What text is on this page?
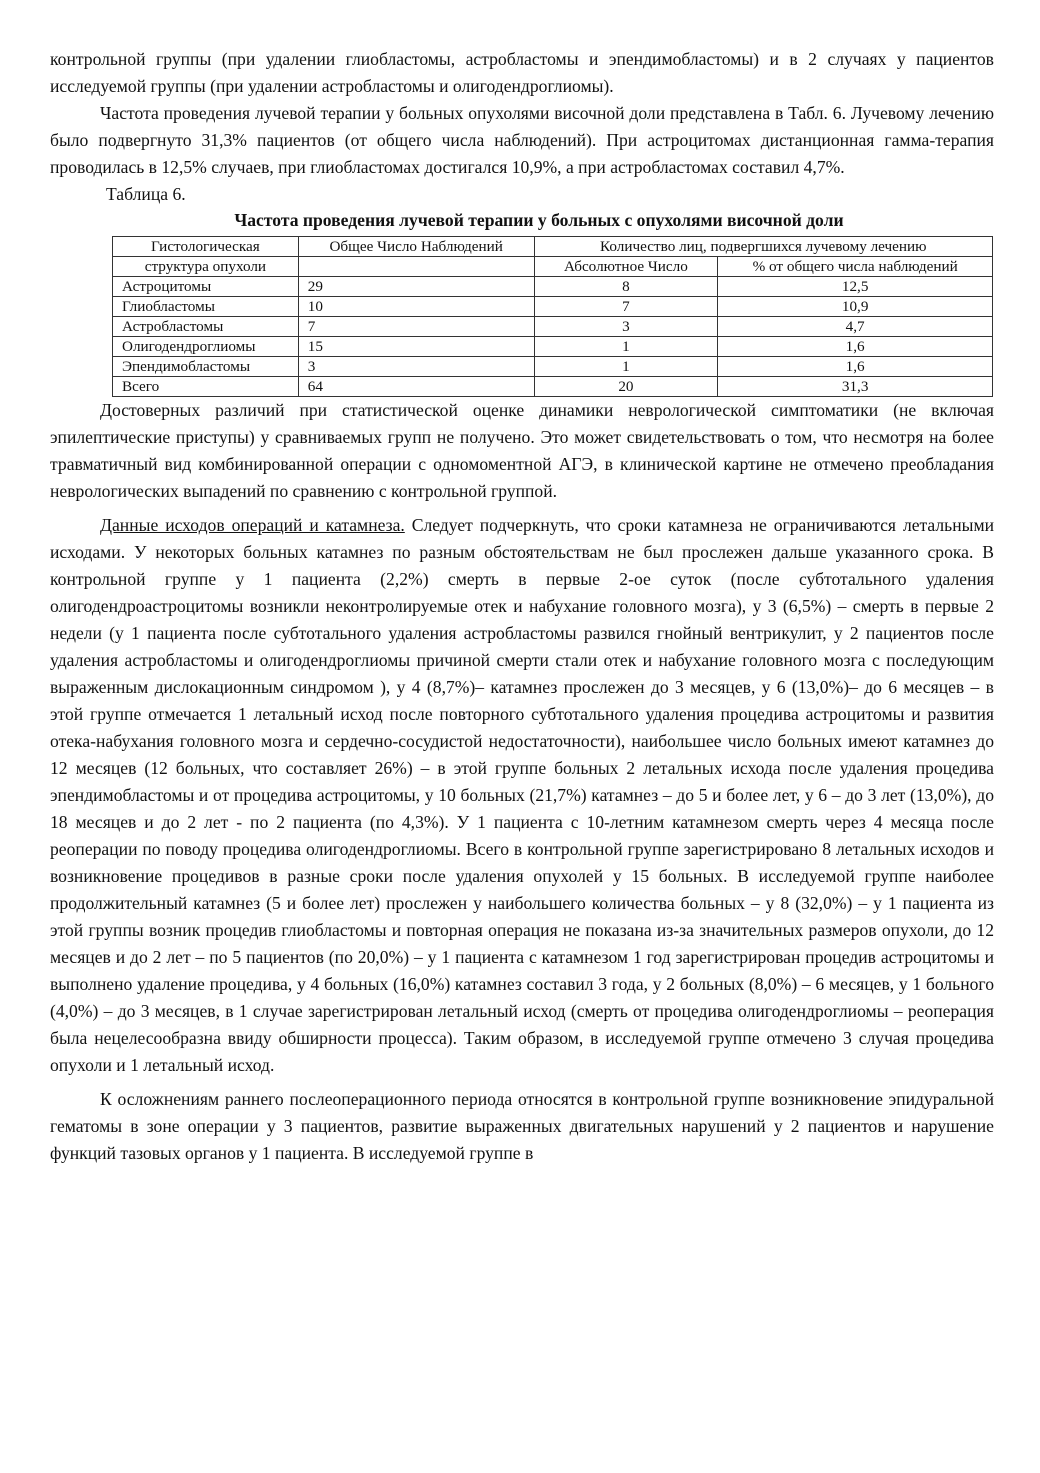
контрольной группы (при удалении глиобластомы, астробластомы и эпендимобластомы) и в 2 случаях у пациентов исследуемой группы (при удалении астробластомы и олигодендроглиомы).

Частота проведения лучевой терапии у больных опухолями височной доли представлена в Табл. 6. Лучевому лечению было подвергнуто 31,3% пациентов (от общего числа наблюдений). При астроцитомах дистанционная гамма-терапия проводилась в 12,5% случаев, при глиобластомах достигался 10,9%, а при астробластомах составил 4,7%.

Таблица 6.

Частота проведения лучевой терапии у больных с опухолями височной доли
Гистологическая	Общее Число Наблюдений	Количество лиц, подвергшихся лучевому лечению	
структура опухоли		Абсолютное Число	% от общего числа наблюдений
Астроцитомы	29	8	12,5
Глиобластомы	10	7	10,9
Астробластомы	7	3	4,7
Олигодендроглиомы	15	1	1,6
Эпендимобластомы	3	1	1,6
Всего	64	20	31,3

Достоверных различий при статистической оценке динамики неврологической симптоматики (не включая эпилептические приступы) у сравниваемых групп не получено. Это может свидетельствовать о том, что несмотря на более травматичный вид комбинированной операции с одномоментной АГЭ, в клинической картине не отмечено преобладания неврологических выпадений по сравнению с контрольной группой.

Данные исходов операций и катамнеза. Следует подчеркнуть, что сроки катамнеза не ограничиваются летальными исходами. У некоторых больных катамнез по разным обстоятельствам не был прослежен дальше указанного срока. В контрольной группе у 1 пациента (2,2%) смерть в первые 2-ое суток (после субтотального удаления олигодендроастроцитомы возникли неконтролируемые отек и набухание головного мозга), у 3 (6,5%) – смерть в первые 2 недели (у 1 пациента после субтотального удаления астробластомы развился гнойный вентрикулит, у 2 пациентов после удаления астробластомы и олигодендроглиомы причиной смерти стали отек и набухание головного мозга с последующим выраженным дислокационным синдромом ), у 4 (8,7%)– катамнез прослежен до 3 месяцев, у 6 (13,0%)– до 6 месяцев – в этой группе отмечается 1 летальный исход после повторного субтотального удаления процедива астроцитомы и развития отека-набухания головного мозга и сердечно-сосудистой недостаточности), наибольшее число больных имеют катамнез до 12 месяцев (12 больных, что составляет 26%) – в этой группе больных 2 летальных исхода после удаления процедива эпендимобластомы и от процедива астроцитомы, у 10 больных (21,7%) катамнез – до 5 и более лет, у 6 – до 3 лет (13,0%), до 18 месяцев и до 2 лет - по 2 пациента (по 4,3%). У 1 пациента с 10-летним катамнезом смерть через 4 месяца после реоперации по поводу процедива олигодендроглиомы. Всего в контрольной группе зарегистрировано 8 летальных исходов и возникновение процедивов в разные сроки после удаления опухолей у 15 больных. В исследуемой группе наиболее продолжительный катамнез (5 и более лет) прослежен у наибольшего количества больных – у 8 (32,0%) – у 1 пациента из этой группы возник процедив глиобластомы и повторная операция не показана из-за значительных размеров опухоли, до 12 месяцев и до 2 лет – по 5 пациентов (по 20,0%) – у 1 пациента с катамнезом 1 год зарегистрирован процедив астроцитомы и выполнено удаление процедива, у 4 больных (16,0%) катамнез составил 3 года, у 2 больных (8,0%) – 6 месяцев, у 1 больного (4,0%) – до 3 месяцев, в 1 случае зарегистрирован летальный исход (смерть от процедива олигодендроглиомы – реоперация была нецелесообразна ввиду обширности процесса). Таким образом, в исследуемой группе отмечено 3 случая процедива опухоли и 1 летальный исход.

К осложнениям раннего послеоперационного периода относятся в контрольной группе возникновение эпидуральной гематомы в зоне операции у 3 пациентов, развитие выраженных двигательных нарушений у 2 пациентов и нарушение функций тазовых органов у 1 пациента. В исследуемой группе в
